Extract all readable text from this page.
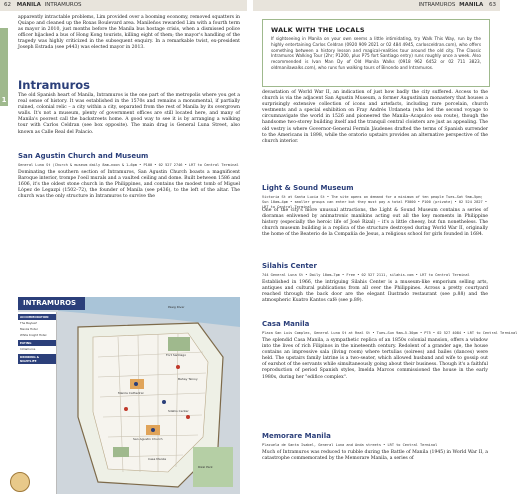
62 MANILA INTRAMUROS	INTRAMUROS MANILA 63
1

apparently intractable problems, Lim provided over a booming economy, removed squatters in Quiapo and cleaned up the Roxas Boulevard area. Manileños rewarded Lim with a fourth term as mayor in 2010, just months before the Manila bus hostage crisis, when a dismissed police officer hijacked a bus of Hong Kong tourists, killing eight of them; the mayor's handling of the tragedy was highly criticized in the subsequent enquiry. In a remarkable twist, ex-president Joseph Estrada (see p443) was elected mayor in 2013.

Intramuros

The old Spanish heart of Manila, Intramuros is the one part of the metropolis where you get a real sense of history. It was established in the 1570s and remains a monumental, if partially ruined, colonial relic – a city within a city, separated from the rest of Manila by its overgrown walls. It's not a museum, plenty of government offices are still located here, and many of Manila's poorest call the backstreets home. A good way to see it is by arranging a walking tour with Carlos Celdran (see box opposite). The main drag is General Luna Street, also known as Calle Real del Palacio.

San Agustin Church and Museum
General Luna St (Church & museum daily 8am–noon & 1–6pm • P100 • 02 527 2746 • LRT to Central Terminal

Dominating the southern section of Intramuros, San Agustin Church boasts a magnificent Baroque interior, trompe l'oeil murals and a vaulted ceiling and dome. Built between 1586 and 1606, it's the oldest stone church in the Philippines, and contains the modest tomb of Miguel López de Legazpi (1502–72), the founder of Manila (see p436), to the left of the altar. The church was the only structure in Intramuros to survive the

Fort Santiago
Manila Cathedral
San Agustin Church
Pasig River
Casa Manila
Silahis Center
Rizal Park
Bahay Tsinoy
INTRAMUROS
ACCOMMODATION
The Bayleaf
Manila Hotel
White Knight Hotel
EATING
Intramuros
DRINKING & NIGHTLIFE
WALK WITH THE LOCALS

If sightseeing in Manila on your own seems a little intimidating, try Walk This Way, run by the highly entertaining Carlos Celdran (0920 909 2021 or 02 484 4945, carlosceldran.com), who offers something between a history lesson and magical-realities tour around the old city. The Classic Intramuros Walking Tour (2hr; P1200, plus P75 fort Santiago entry) runs roughly once a week. Also recommended is Ivan Man Dy of Old Manila Walks (0918 962 6452 or 02 711 3823, oldmanilawalks.com), who runs fun walking tours of Binondo and Intramuros.

devastation of World War II, an indication of just how badly the city suffered. Access to the church is via the adjacent San Agustin Museum, a former Augustinian monastery that houses a surprisingly extensive collection of icons and artefacts, including rare porcelain, church vestments and a special exhibition on Fray Andrés Urdaneta (who led the second voyage to circumnavigate the world in 1526 and pioneered the Manila–Acapulco sea route), though the handsome two-storey building itself and the tranquil central cloisters are just as appealing. The old vestry is where Governor-General Fermín Jáudenes drafted the terms of Spanish surrender to the Americans in 1898, while the oratorio upstairs provides an alternative perspective of the church interior.

Light & Sound Museum
Victoria St at Santa Lucia St • The site opens on demand for a minimum of ten people Tues–Sat 9am–5pm; Sun 10am–4pm • smaller groups can enter but they must pay a total P3000 • P100 (private) • 02 524 2827 • LRT to Central Terminal

One of the city's more unusual attractions, the Light & Sound Museum contains a series of dioramas enlivened by animatronic manikins acting out all the key moments in Philippine history (especially the heroic life of José Rizal) – it's a little cheesy, but fun nonetheless. The church museum building is a replica of the structure destroyed during World War II, originally the home of the Beaterio de la Compañía de Jesus, a religious school for girls founded in 1684.

Silahis Center
744 General Luna St • Daily 10am–7pm • Free • 02 527 2111, silahis.com • LRT to Central Terminal

Established in 1966, the intriguing Silahis Center is a museum-like emporium selling arts, antiques and cultural publications from all over the Philippines. Across a pretty courtyard reached through the back door are the elegant Ilustrado restaurant (see p.88) and the atmospheric Kuatro Kantos café (see p.89).

Casa Manila
Plaza San Luis Complex, General Luna St at Real St • Tues–Sun 9am–5.30pm • P75 • 02 527 4084 • LRT to Central Terminal

The splendid Casa Manila, a sympathetic replica of an 1850s colonial mansion, offers a window into the lives of rich Filipinos in the nineteenth century. Redolent of a grander age, the house contains an impressive sala (living room) where tertulias (soirees) and bailes (dances) were held. The upstairs family latrine is a two-seater, which allowed husband and wife to gossip out of earshot of the servants while simultaneously going about their business. Though it's a faithful reproduction of period Spanish styles, Imelda Marcos commissioned the house in the early 1980s, during her "edifice complex".

Memorare Manila
Plazuela de Santa Isabel, General Luna and Anda streets • LRT to Central Terminal

Much of Intramuros was reduced to rubble during the Battle of Manila (1945) in World War II, a catastrophe commemorated by the Memorare Manila, a series of
